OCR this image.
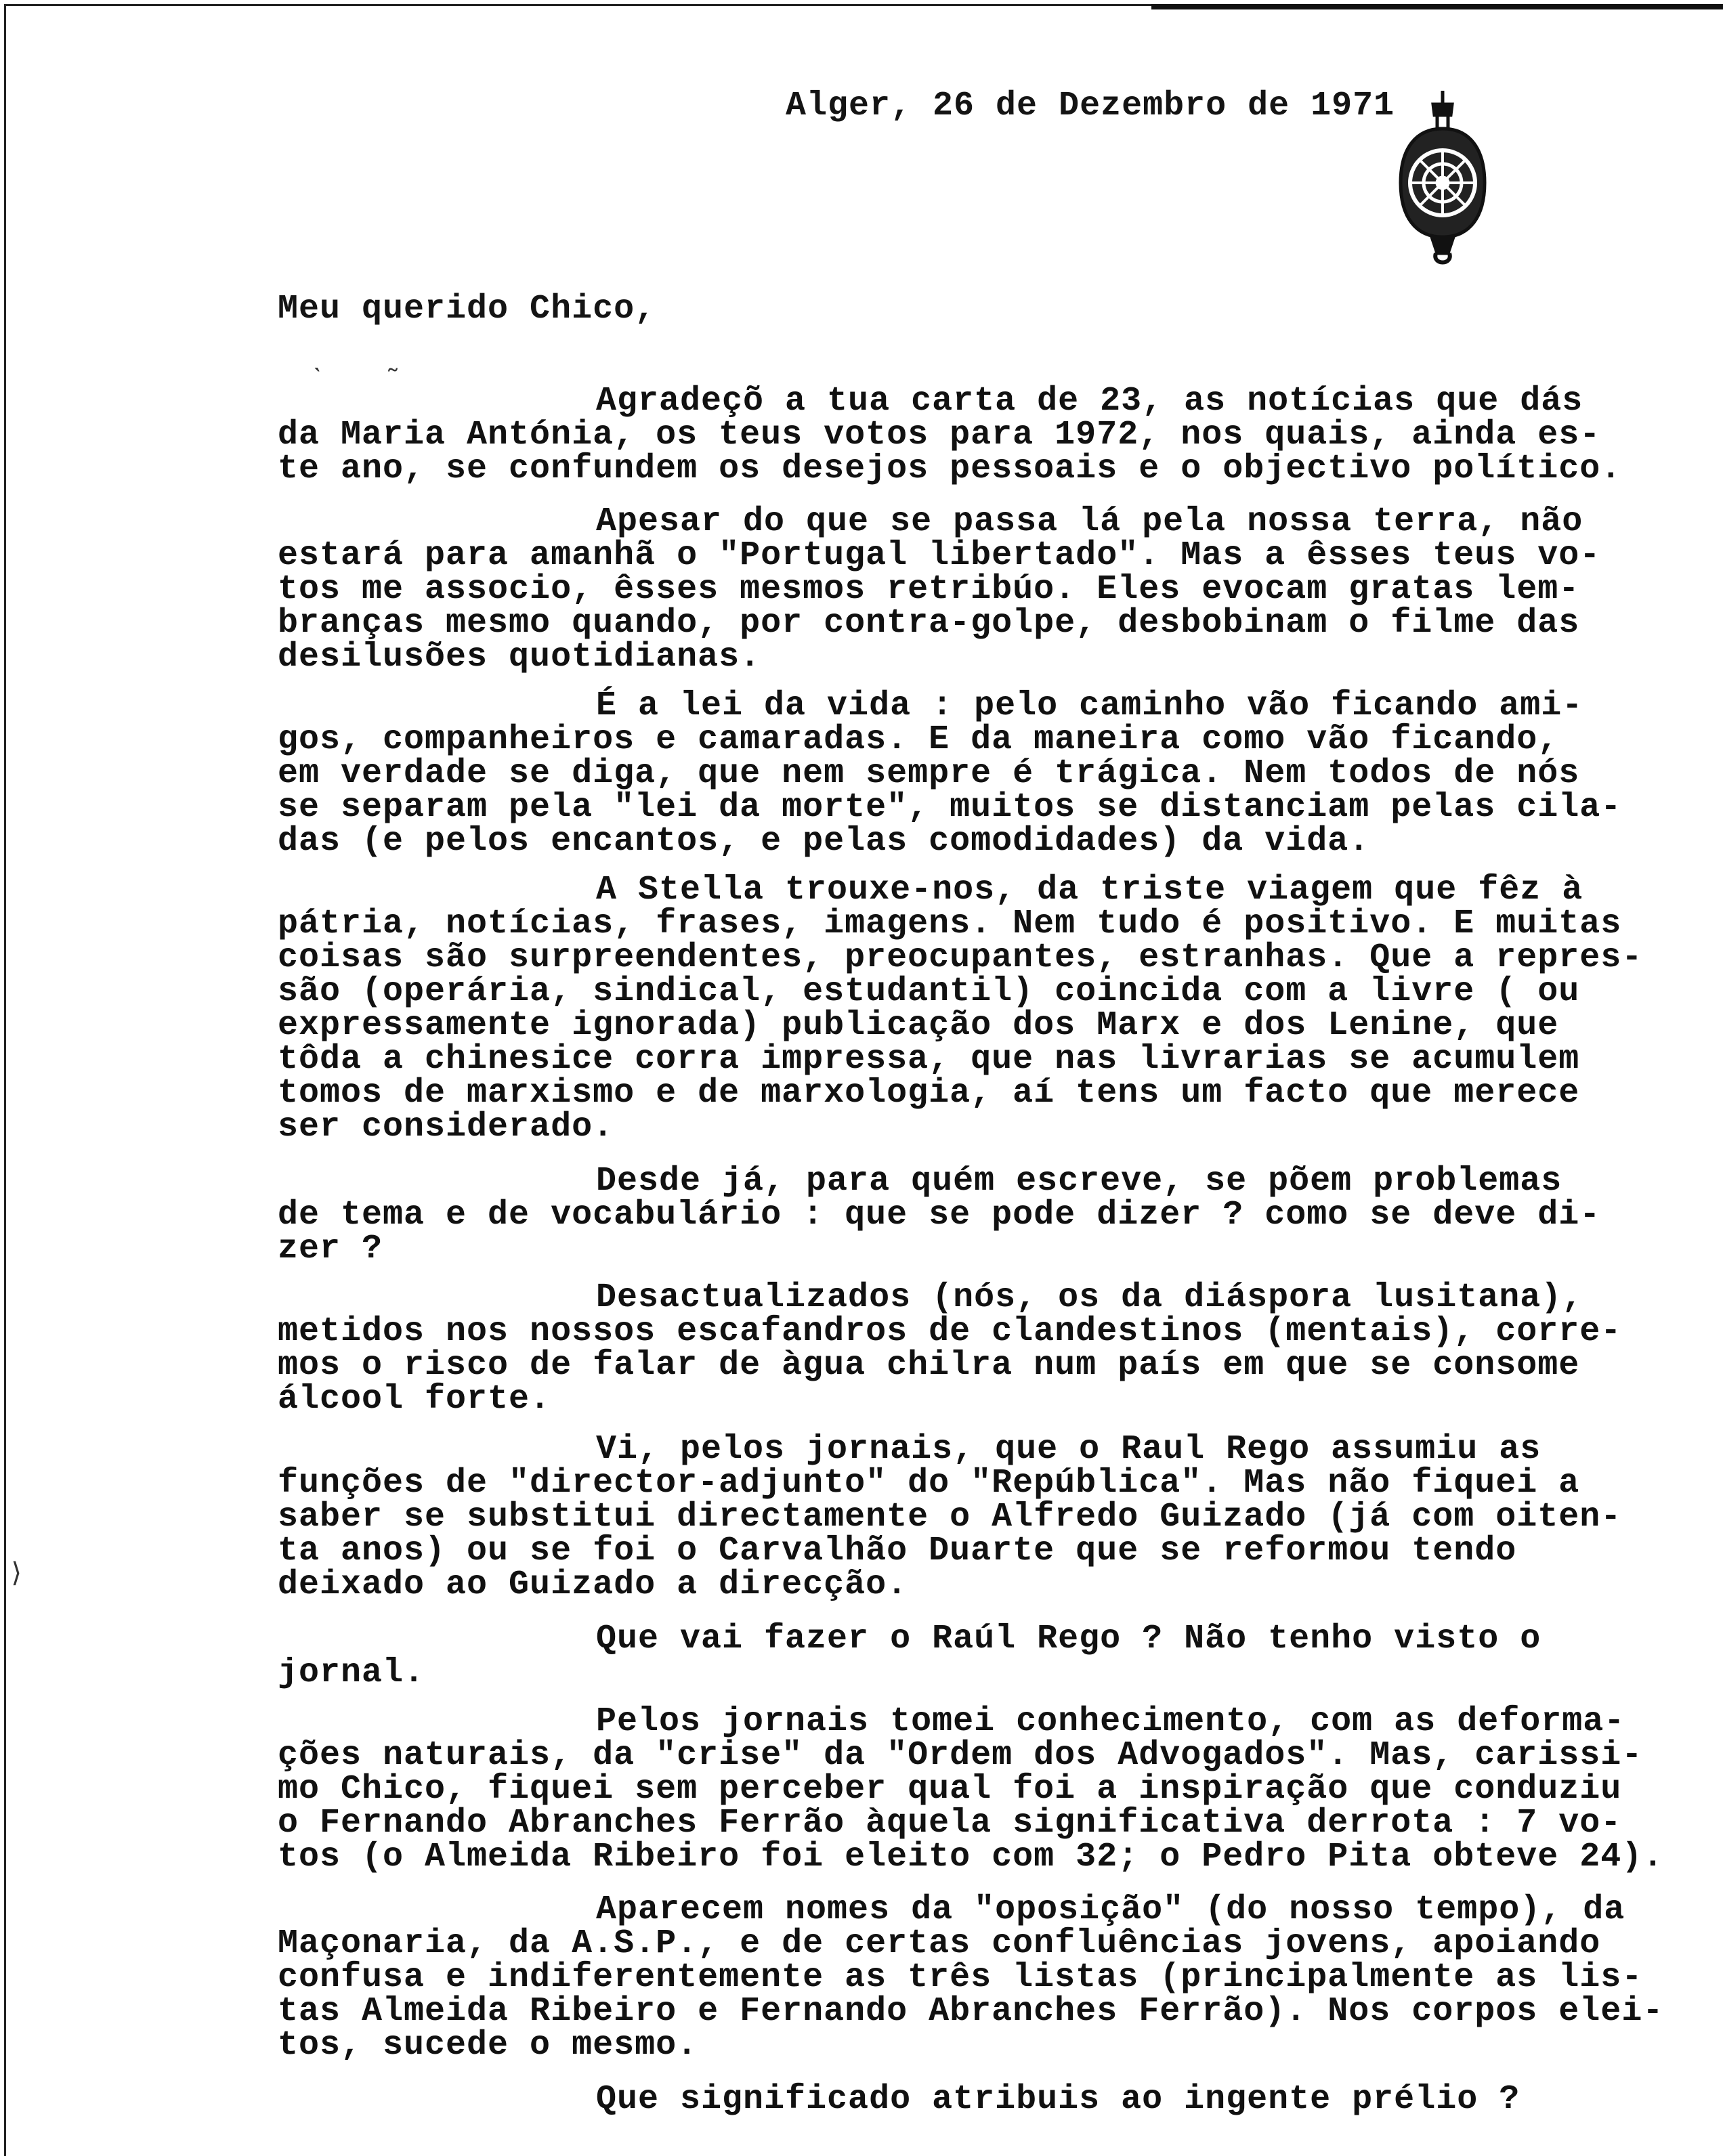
Alger, 26 de Dezembro de 1971
Meu querido Chico,
ˋ ˜
⟩
Agradeçõ a tua carta de 23, as notícias que dás
da Maria Antónia, os teus votos para 1972, nos quais, ainda es-
te ano, se confundem os desejos pessoais e o objectivo político.
Apesar do que se passa lá pela nossa terra, não
estará para amanhã o "Portugal libertado". Mas a êsses teus vo-
tos me associo, êsses mesmos retribúo. Eles evocam gratas lem-
branças mesmo quando, por contra-golpe, desbobinam o filme das
desilusões quotidianas.
É a lei da vida : pelo caminho vão ficando ami-
gos, companheiros e camaradas. E da maneira como vão ficando,
em verdade se diga, que nem sempre é trágica. Nem todos de nós
se separam pela "lei da morte", muitos se distanciam pelas cila-
das (e pelos encantos, e pelas comodidades) da vida.
A Stella trouxe-nos, da triste viagem que fêz à
pátria, notícias, frases, imagens. Nem tudo é positivo. E muitas
coisas são surpreendentes, preocupantes, estranhas. Que a repres-
são (operária, sindical, estudantil) coincida com a livre ( ou
expressamente ignorada) publicação dos Marx e dos Lenine, que
tôda a chinesice corra impressa, que nas livrarias se acumulem
tomos de marxismo e de marxologia, aí tens um facto que merece
ser considerado.
Desde já, para quém escreve, se põem problemas
de tema e de vocabulário : que se pode dizer ? como se deve di-
zer ?
Desactualizados (nós, os da diáspora lusitana),
metidos nos nossos escafandros de clandestinos (mentais), corre-
mos o risco de falar de àgua chilra num país em que se consome
álcool forte.
Vi, pelos jornais, que o Raul Rego assumiu as
funções de "director-adjunto" do "República". Mas não fiquei a
saber se substitui directamente o Alfredo Guizado (já com oiten-
ta anos) ou se foi o Carvalhão Duarte que se reformou tendo
deixado ao Guizado a direcção.
Que vai fazer o Raúl Rego ? Não tenho visto o
jornal.
Pelos jornais tomei conhecimento, com as deforma-
ções naturais, da "crise" da "Ordem dos Advogados". Mas, carissi-
mo Chico, fiquei sem perceber qual foi a inspiração que conduziu
o Fernando Abranches Ferrão àquela significativa derrota : 7 vo-
tos (o Almeida Ribeiro foi eleito com 32; o Pedro Pita obteve 24).
Aparecem nomes da "oposição" (do nosso tempo), da
Maçonaria, da A.S.P., e de certas confluências jovens, apoiando
confusa e indiferentemente as três listas (principalmente as lis-
tas Almeida Ribeiro e Fernando Abranches Ferrão). Nos corpos elei-
tos, sucede o mesmo.
Que significado atribuis ao ingente prélio ?
